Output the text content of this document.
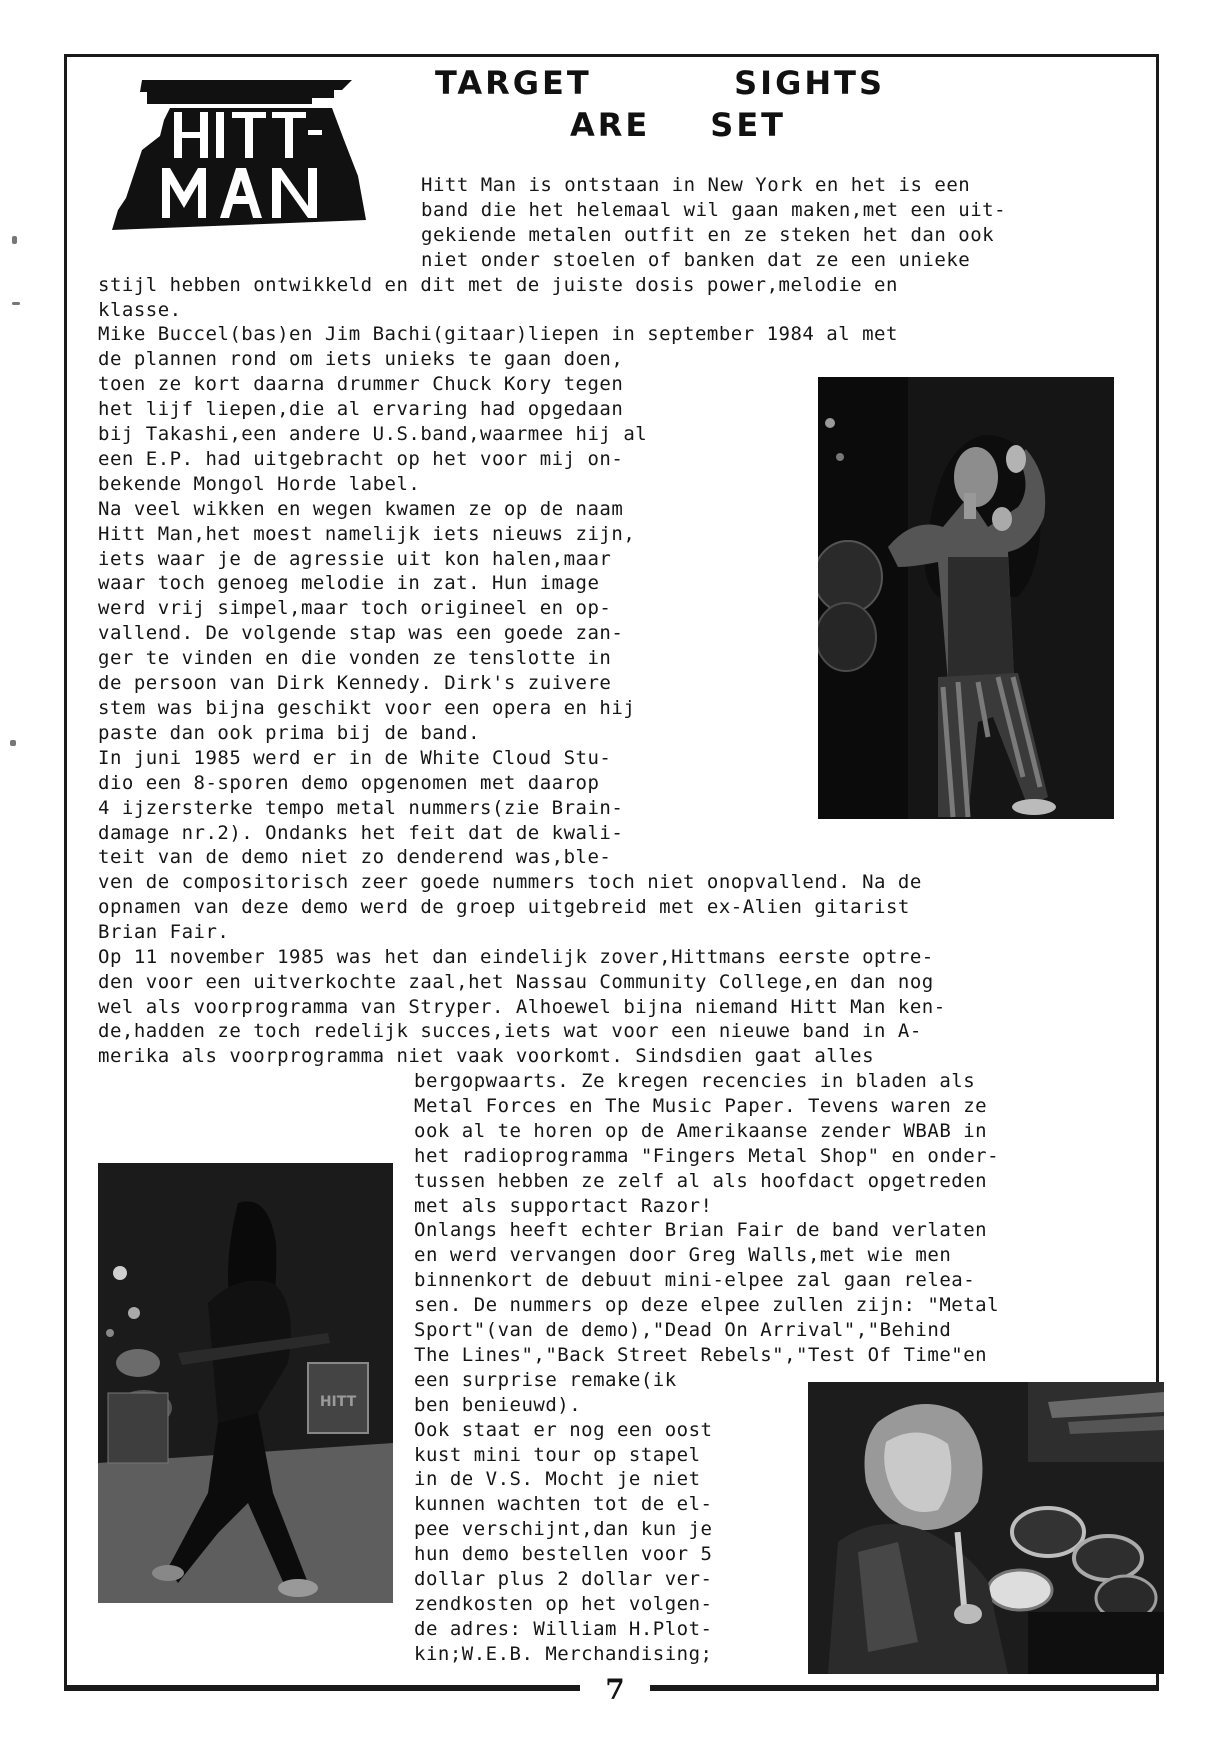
TARGET	SIGHTS
ARE SET
Hitt Man is ontstaan in New York en het is een
band die het helemaal wil gaan maken,met een uit-
gekiende metalen outfit en ze steken het dan ook
niet onder stoelen of banken dat ze een unieke
stijl hebben ontwikkeld en dit met de juiste dosis power,melodie en
klasse.
Mike Buccel(bas)en Jim Bachi(gitaar)liepen in september 1984 al met
de plannen rond om iets unieks te gaan doen,
toen ze kort daarna drummer Chuck Kory tegen
het lijf liepen,die al ervaring had opgedaan
bij Takashi,een andere U.S.band,waarmee hij al
een E.P. had uitgebracht op het voor mij on-
bekende Mongol Horde label.
Na veel wikken en wegen kwamen ze op de naam
Hitt Man,het moest namelijk iets nieuws zijn,
iets waar je de agressie uit kon halen,maar
waar toch genoeg melodie in zat. Hun image
werd vrij simpel,maar toch origineel en op-
vallend. De volgende stap was een goede zan-
ger te vinden en die vonden ze tenslotte in
de persoon van Dirk Kennedy. Dirk's zuivere
stem was bijna geschikt voor een opera en hij
paste dan ook prima bij de band.
In juni 1985 werd er in de White Cloud Stu-
dio een 8-sporen demo opgenomen met daarop
4 ijzersterke tempo metal nummers(zie Brain-
damage nr.2). Ondanks het feit dat de kwali-
teit van de demo niet zo denderend was,ble-
ven de compositorisch zeer goede nummers toch niet onopvallend. Na de
opnamen van deze demo werd de groep uitgebreid met ex-Alien gitarist
Brian Fair.
Op 11 november 1985 was het dan eindelijk zover,Hittmans eerste optre-
den voor een uitverkochte zaal,het Nassau Community College,en dan nog
wel als voorprogramma van Stryper. Alhoewel bijna niemand Hitt Man ken-
de,hadden ze toch redelijk succes,iets wat voor een nieuwe band in A-
merika als voorprogramma niet vaak voorkomt. Sindsdien gaat alles
bergopwaarts. Ze kregen recencies in bladen als
Metal Forces en The Music Paper. Tevens waren ze
ook al te horen op de Amerikaanse zender WBAB in
het radioprogramma "Fingers Metal Shop" en onder-
tussen hebben ze zelf al als hoofdact opgetreden
met als supportact Razor!
Onlangs heeft echter Brian Fair de band verlaten
en werd vervangen door Greg Walls,met wie men
binnenkort de debuut mini-elpee zal gaan relea-
sen. De nummers op deze elpee zullen zijn: "Metal
Sport"(van de demo),"Dead On Arrival","Behind
The Lines","Back Street Rebels","Test Of Time"en
een surprise remake(ik
ben benieuwd).
Ook staat er nog een oost
kust mini tour op stapel
in de V.S. Mocht je niet
kunnen wachten tot de el-
pee verschijnt,dan kun je
hun demo bestellen voor 5
dollar plus 2 dollar ver-
zendkosten op het volgen-
de adres: William H.Plot-
kin;W.E.B. Merchandising;
HITT
7
